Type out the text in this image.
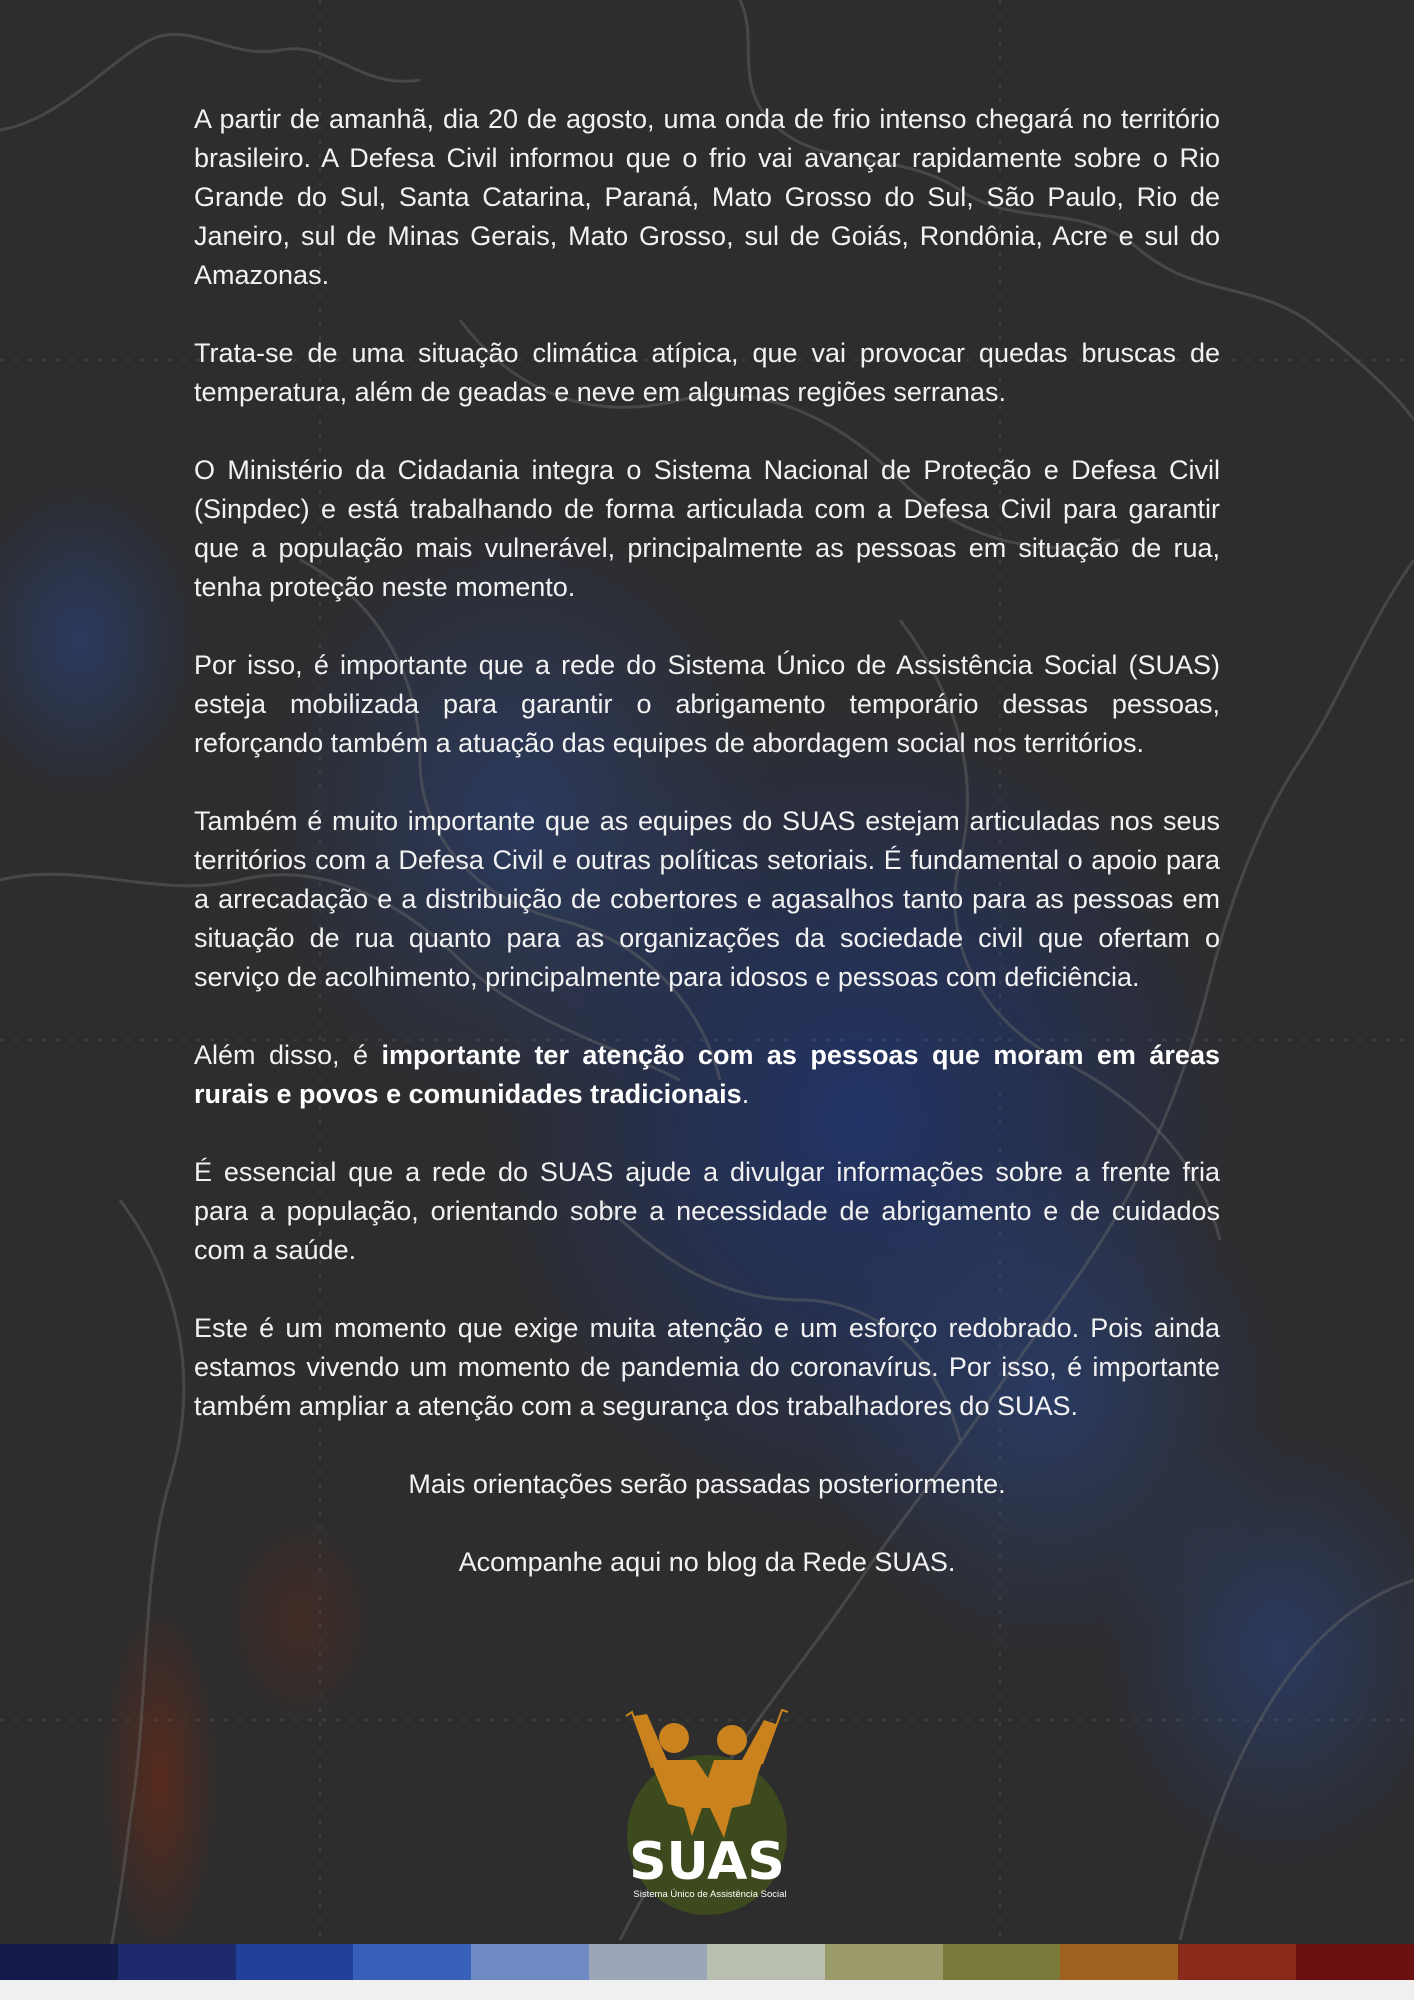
A partir de amanhã, dia 20 de agosto, uma onda de frio intenso chegará no território brasileiro. A Defesa Civil informou que o frio vai avançar rapidamente sobre o Rio Grande do Sul, Santa Catarina, Paraná, Mato Grosso do Sul, São Paulo, Rio de Janeiro, sul de Minas Gerais, Mato Grosso, sul de Goiás, Rondônia, Acre e sul do Amazonas.

Trata-se de uma situação climática atípica, que vai provocar quedas bruscas de temperatura, além de geadas e neve em algumas regiões serranas.

O Ministério da Cidadania integra o Sistema Nacional de Proteção e Defesa Civil (Sinpdec) e está trabalhando de forma articulada com a Defesa Civil para garantir que a população mais vulnerável, principalmente as pessoas em situação de rua, tenha proteção neste momento.

Por isso, é importante que a rede do Sistema Único de Assistência Social (SUAS) esteja mobilizada para garantir o abrigamento temporário dessas pessoas, reforçando também a atuação das equipes de abordagem social nos territórios.

Também é muito importante que as equipes do SUAS estejam articuladas nos seus territórios com a Defesa Civil e outras políticas setoriais. É fundamental o apoio para a arrecadação e a distribuição de cobertores e agasalhos tanto para as pessoas em situação de rua quanto para as organizações da sociedade civil que ofertam o serviço de acolhimento, principalmente para idosos e pessoas com deficiência.

Além disso, é importante ter atenção com as pessoas que moram em áreas rurais e povos e comunidades tradicionais.

É essencial que a rede do SUAS ajude a divulgar informações sobre a frente fria para a população, orientando sobre a necessidade de abrigamento e de cuidados com a saúde.

Este é um momento que exige muita atenção e um esforço redobrado. Pois ainda estamos vivendo um momento de pandemia do coronavírus. Por isso, é importante também ampliar a atenção com a segurança dos trabalhadores do SUAS.

Mais orientações serão passadas posteriormente.

Acompanhe aqui no blog da Rede SUAS.

SUAS
Sistema Único de Assistência Social
